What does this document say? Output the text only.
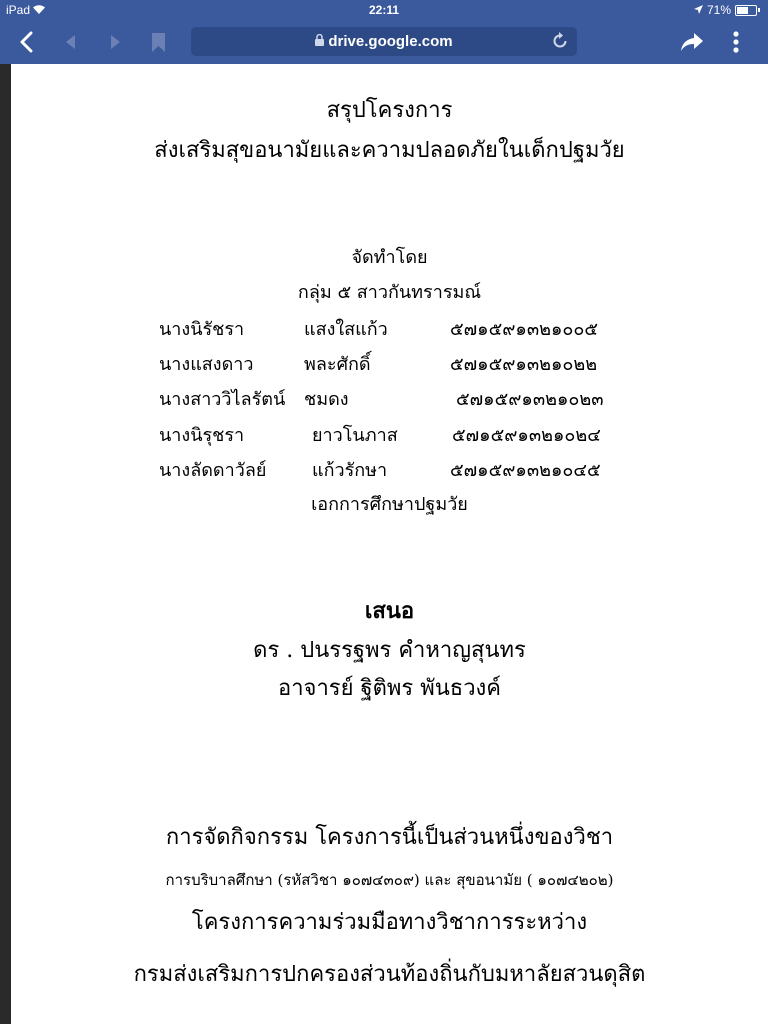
iPad	22:11	71%
drive.google.com
สรุปโครงการ
ส่งเสริมสุขอนามัยและความปลอดภัยในเด็กปฐมวัย
จัดทำโดย
กลุ่ม ๕ สาวกันทรารมณ์
นางนิรัชรา	แสงใสแก้ว	๕๗๑๕๙๑๓๒๑๐๐๕
นางแสงดาว	พละศักดิ์	๕๗๑๕๙๑๓๒๑๐๒๒
นางสาววิไลรัตน์ ชมดง	๕๗๑๕๙๑๓๒๑๐๒๓
นางนิรุชรา	ยาวโนภาส	๕๗๑๕๙๑๓๒๑๐๒๔
นางลัดดาวัลย์	แก้วรักษา	๕๗๑๕๙๑๓๒๑๐๔๕
เอกการศึกษาปฐมวัย
เสนอ
ดร . ปนรรฐพร คำหาญสุนทร
อาจารย์ ฐิติพร พันธวงค์
การจัดกิจกรรม โครงการนี้เป็นส่วนหนึ่งของวิชา
การบริบาลศึกษา (รหัสวิชา ๑๐๗๔๓๐๙) และ สุขอนามัย ( ๑๐๗๔๒๐๒)
โครงการความร่วมมือทางวิชาการระหว่าง
กรมส่งเสริมการปกครองส่วนท้องถิ่นกับมหาลัยสวนดุสิต
